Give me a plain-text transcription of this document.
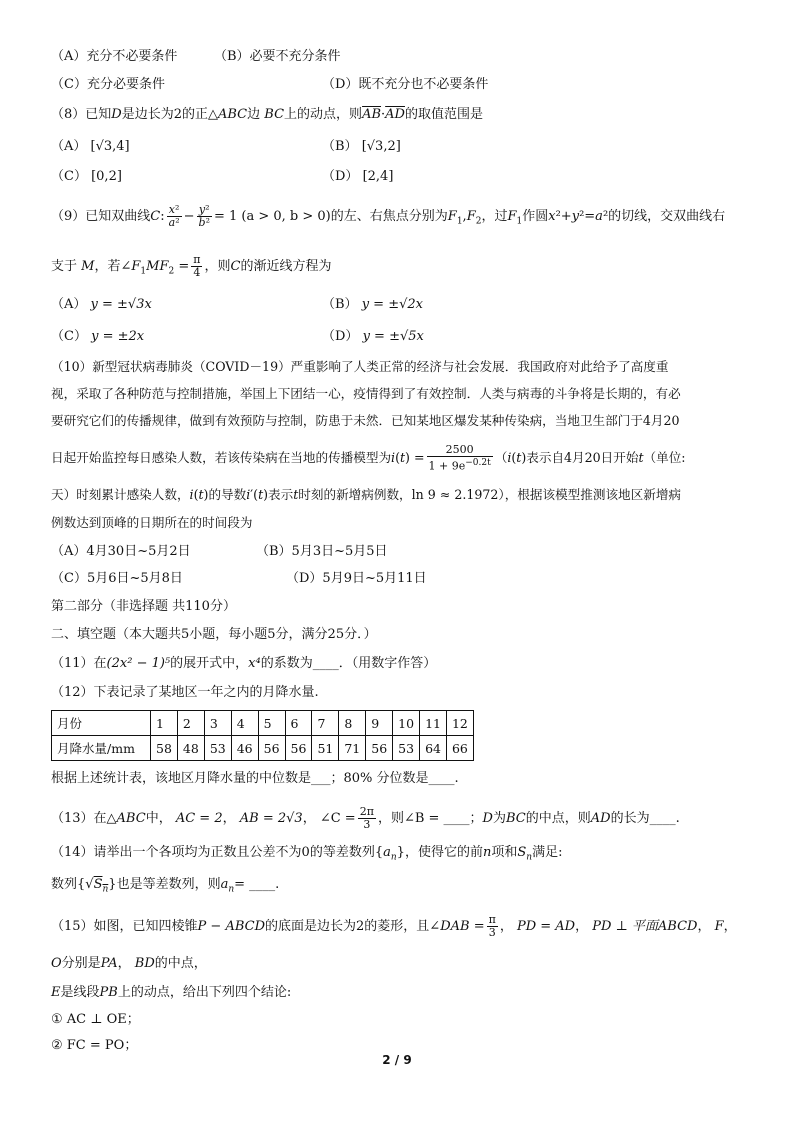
（A）充分不必要条件	（B）必要不充分条件
（C）充分必要条件	（D）既不充分也不必要条件
（8）已知D是边长为2的正△ABC边 BC上的动点，则$\overline{AB}\cdot\overline{AD}$的取值范围是
（A） [√3,4]	（B） [√3,2]
（C） [0,2]	（D） [2,4]
（9）已知双曲线C: $\frac{\text{x²}}{\text{a²}} - \frac{\text{y²}}{\text{b²}} = 1$ (a > 0, b > 0)的左、右焦点分别为$F_1,F_2$，过$F_1$作圆x²+y²=a²的切线，交双曲线右
支于 M，若$\angle F_1MF_2 = \frac{\pi}{4}$ ，则C的渐近线方程为
（A） y = ±√3x	（B） y = ±√2x
（C） y = ±2x	（D） y = ±√5x
（10）新型冠状病毒肺炎（COVID－19）严重影响了人类正常的经济与社会发展．我国政府对此给予了高度重
视，采取了各种防范与控制措施，举国上下团结一心，疫情得到了有效控制．人类与病毒的斗争将是长期的，有必
要研究它们的传播规律，做到有效预防与控制，防患于未然．已知某地区爆发某种传染病，当地卫生部门于4月20
日起开始监控每日感染人数，若该传染病在当地的传播模型为$i(t) = \frac{2500}{1 + 9e^{-0.2t}} (i(t)$表示自4月20日开始t（单位:
天）时刻累计感染人数，i(t)的导数i′(t)表示t时刻的新增病例数，ln 9 ≈ 2.1972），根据该模型推测该地区新增病
例数达到顶峰的日期所在的时间段为
（A）4月30日~5月2日	（B）5月3日~5月5日
（C）5月6日~5月8日	（D）5月9日~5月11日
第二部分（非选择题 共110分）
二、填空题（本大题共5小题，每小题5分，满分25分．）
（11）在(2x² − 1)⁵的展开式中，x⁴的系数为____．（用数字作答）
（12）下表记录了某地区一年之内的月降水量.
月份	1	2	3	4	5	6	7	8	9	10	11	12
月降水量/mm	58	48	53	46	56	56	51	71	56	53	64	66
根据上述统计表，该地区月降水量的中位数是___；80% 分位数是____.
（13）在△ABC中， AC = 2， AB = 2√3， ∠C = $\frac{2\pi}{3}$ ，则∠B = ____；D为BC的中点，则AD的长为____.
（14）请举出一个各项均为正数且公差不为0的等差数列$\{a_n\}$，使得它的前n项和$S_n$满足:
数列$\{√S_n\}$也是等差数列，则$a_n=$ ____.
（15）如图，已知四棱锥P − ABCD的底面是边长为2的菱形，且∠DAB = $\frac{\pi}{3}$ ， PD = AD， PD ⊥ 平面ABCD， F，
O分别是PA， BD的中点，
E是线段PB上的动点，给出下列四个结论:
① AC ⊥ OE；
② FC = PO；
2 / 9
